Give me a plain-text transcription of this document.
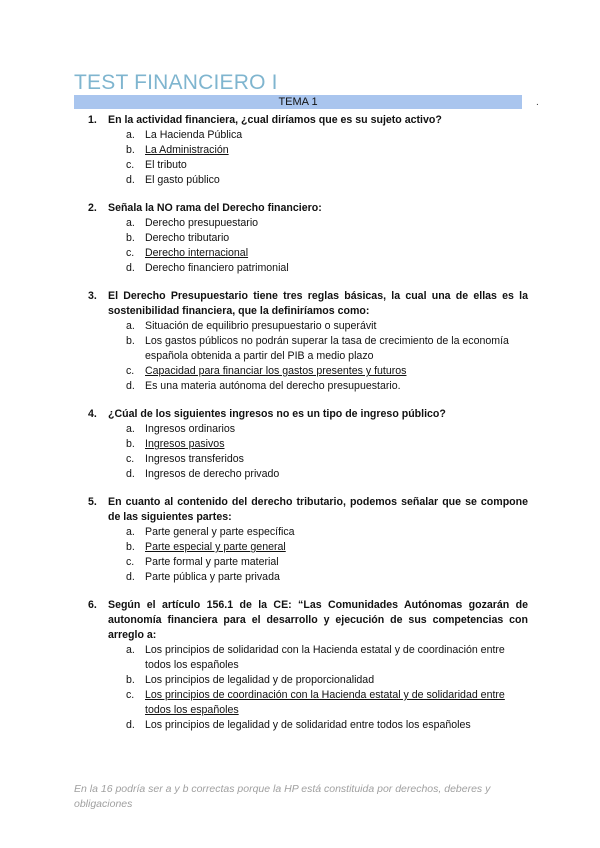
TEST FINANCIERO I
TEMA 1	.
1.	En la actividad financiera, ¿cual diríamos que es su sujeto activo?
a. La Hacienda Pública
b. La Administración
c.	El tributo
d. El gasto público
2.	Señala la NO rama del Derecho financiero:
a. Derecho presupuestario
b. Derecho tributario
c.	Derecho internacional
d. Derecho financiero patrimonial
3.	El Derecho Presupuestario tiene tres reglas básicas, la cual una de ellas es la sostenibilidad financiera, que la definiríamos como:
a. Situación de equilibrio presupuestario o superávit
b. Los gastos públicos no podrán superar la tasa de crecimiento de la economía española obtenida a partir del PIB a medio plazo
c.	Capacidad para financiar los gastos presentes y futuros
d. Es una materia autónoma del derecho presupuestario.
4.	¿Cúal de los siguientes ingresos no es un tipo de ingreso público?
a. Ingresos ordinarios
b. Ingresos pasivos
c.	Ingresos transferidos
d. Ingresos de derecho privado
5.	En cuanto al contenido del derecho tributario, podemos señalar que se compone de las siguientes partes:
a. Parte general y parte específica
b. Parte especial y parte general
c.	Parte formal y parte material
d. Parte pública y parte privada
6.	Según el artículo 156.1 de la CE: “Las Comunidades Autónomas gozarán de autonomía financiera para el desarrollo y ejecución de sus competencias con arreglo a:
a. Los principios de solidaridad con la Hacienda estatal y de coordinación entre todos los españoles
b. Los principios de legalidad y de proporcionalidad
c.	Los principios de coordinación con la Hacienda estatal y de solidaridad entre todos los españoles
d. Los principios de legalidad y de solidaridad entre todos los españoles
En la 16 podría ser a y b correctas porque la HP está constituida por derechos, deberes y obligaciones
